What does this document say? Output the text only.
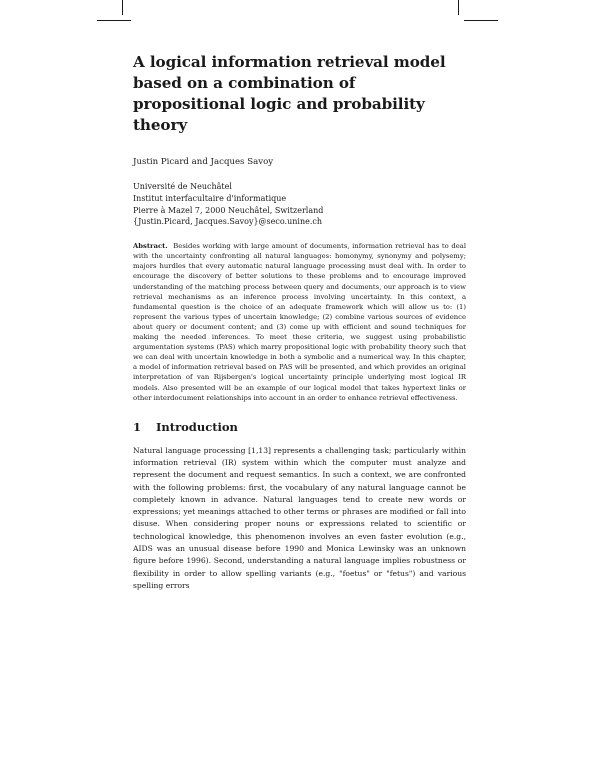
A logical information retrieval model based on a combination of propositional logic and probability theory
Justin Picard and Jacques Savoy
Université de Neuchâtel
Institut interfacultaire d'informatique
Pierre à Mazel 7, 2000 Neuchâtel, Switzerland
{Justin.Picard, Jacques.Savoy}@seco.unine.ch
Abstract. Besides working with large amount of documents, information retrieval has to deal with the uncertainty confronting all natural languages: homonymy, synonymy and polysemy; majors hurdles that every automatic natural language processing must deal with. In order to encourage the discovery of better solutions to these problems and to encourage improved understanding of the matching process between query and documents, our approach is to view retrieval mechanisms as an inference process involving uncertainty. In this context, a fundamental question is the choice of an adequate framework which will allow us to: (1) represent the various types of uncertain knowledge; (2) combine various sources of evidence about query or document content; and (3) come up with efficient and sound techniques for making the needed inferences. To meet these criteria, we suggest using probabilistic argumentation systems (PAS) which marry propositional logic with probability theory such that we can deal with uncertain knowledge in both a symbolic and a numerical way. In this chapter, a model of information retrieval based on PAS will be presented, and which provides an original interpretation of van Rijsbergen's logical uncertainty principle underlying most logical IR models. Also presented will be an example of our logical model that takes hypertext links or other interdocument relationships into account in an order to enhance retrieval effectiveness.
1 Introduction
Natural language processing [1,13] represents a challenging task; particularly within information retrieval (IR) system within which the computer must analyze and represent the document and request semantics. In such a context, we are confronted with the following problems: first, the vocabulary of any natural language cannot be completely known in advance. Natural languages tend to create new words or expressions; yet meanings attached to other terms or phrases are modified or fall into disuse. When considering proper nouns or expressions related to scientific or technological knowledge, this phenomenon involves an even faster evolution (e.g., AIDS was an unusual disease before 1990 and Monica Lewinsky was an unknown figure before 1996). Second, understanding a natural language implies robustness or flexibility in order to allow spelling variants (e.g., "foetus" or "fetus") and various spelling errors
